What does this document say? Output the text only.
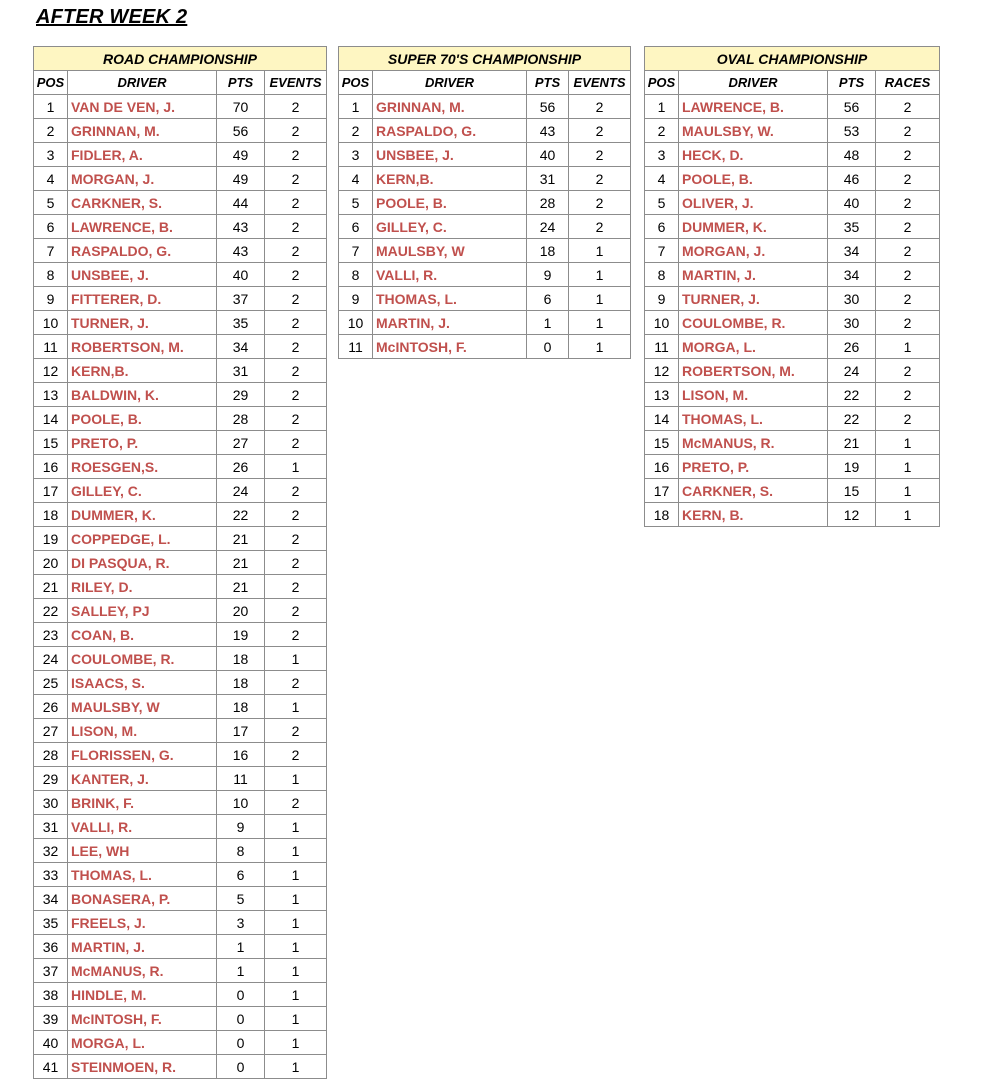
AFTER WEEK 2
ROAD CHAMPIONSHIP			
POS	DRIVER	PTS	EVENTS
1	VAN DE VEN, J.	70	2
2	GRINNAN, M.	56	2
3	FIDLER, A.	49	2
4	MORGAN, J.	49	2
5	CARKNER, S.	44	2
6	LAWRENCE, B.	43	2
7	RASPALDO, G.	43	2
8	UNSBEE, J.	40	2
9	FITTERER, D.	37	2
10	TURNER, J.	35	2
11	ROBERTSON, M.	34	2
12	KERN,B.	31	2
13	BALDWIN, K.	29	2
14	POOLE, B.	28	2
15	PRETO, P.	27	2
16	ROESGEN,S.	26	1
17	GILLEY, C.	24	2
18	DUMMER, K.	22	2
19	COPPEDGE, L.	21	2
20	DI PASQUA, R.	21	2
21	RILEY, D.	21	2
22	SALLEY, PJ	20	2
23	COAN, B.	19	2
24	COULOMBE, R.	18	1
25	ISAACS, S.	18	2
26	MAULSBY, W	18	1
27	LISON, M.	17	2
28	FLORISSEN, G.	16	2
29	KANTER, J.	11	1
30	BRINK, F.	10	2
31	VALLI, R.	9	1
32	LEE, WH	8	1
33	THOMAS, L.	6	1
34	BONASERA, P.	5	1
35	FREELS, J.	3	1
36	MARTIN, J.	1	1
37	McMANUS, R.	1	1
38	HINDLE, M.	0	1
39	McINTOSH, F.	0	1
40	MORGA, L.	0	1
41	STEINMOEN, R.	0	1
SUPER 70'S CHAMPIONSHIP			
POS	DRIVER	PTS	EVENTS
1	GRINNAN, M.	56	2
2	RASPALDO, G.	43	2
3	UNSBEE, J.	40	2
4	KERN,B.	31	2
5	POOLE, B.	28	2
6	GILLEY, C.	24	2
7	MAULSBY, W	18	1
8	VALLI, R.	9	1
9	THOMAS, L.	6	1
10	MARTIN, J.	1	1
11	McINTOSH, F.	0	1
OVAL CHAMPIONSHIP			
POS	DRIVER	PTS	RACES
1	LAWRENCE, B.	56	2
2	MAULSBY, W.	53	2
3	HECK, D.	48	2
4	POOLE, B.	46	2
5	OLIVER, J.	40	2
6	DUMMER, K.	35	2
7	MORGAN, J.	34	2
8	MARTIN, J.	34	2
9	TURNER, J.	30	2
10	COULOMBE, R.	30	2
11	MORGA, L.	26	1
12	ROBERTSON, M.	24	2
13	LISON, M.	22	2
14	THOMAS, L.	22	2
15	McMANUS, R.	21	1
16	PRETO, P.	19	1
17	CARKNER, S.	15	1
18	KERN, B.	12	1
